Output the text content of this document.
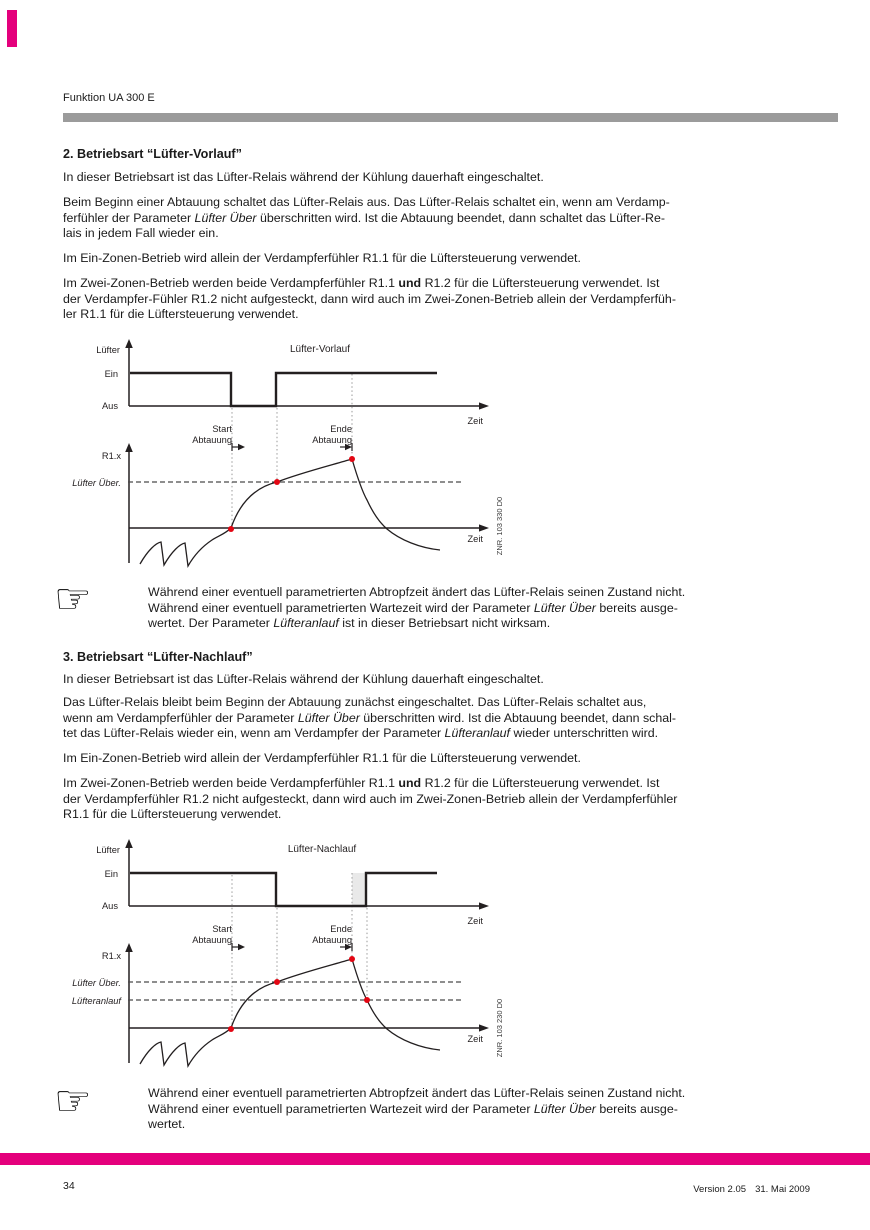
Funktion UA 300 E
2. Betriebsart “Lüfter-Vorlauf”
In dieser Betriebsart ist das Lüfter-Relais während der Kühlung dauerhaft eingeschaltet.
Beim Beginn einer Abtauung schaltet das Lüfter-Relais aus. Das Lüfter-Relais schaltet ein, wenn am Verdamp-
ferfühler der Parameter Lüfter Über überschritten wird. Ist die Abtauung beendet, dann schaltet das Lüfter-Re-
lais in jedem Fall wieder ein.
Im Ein-Zonen-Betrieb wird allein der Verdampferfühler R1.1 für die Lüftersteuerung verwendet.
Im Zwei-Zonen-Betrieb werden beide Verdampferfühler R1.1 und R1.2 für die Lüftersteuerung verwendet. Ist
der Verdampfer-Fühler R1.2 nicht aufgesteckt, dann wird auch im Zwei-Zonen-Betrieb allein der Verdampferfüh-
ler R1.1 für die Lüftersteuerung verwendet.
Lüfter-Vorlauf
Lüfter
Ein
Aus
Zeit
Start
Abtauung
Ende
Abtauung
R1.x
Lüfter Über.
Zeit ZNR. 103 330 D0
☞	Während einer eventuell parametrierten Abtropfzeit ändert das Lüfter-Relais seinen Zustand nicht.
Während einer eventuell parametrierten Wartezeit wird der Parameter Lüfter Über bereits ausge-
wertet. Der Parameter Lüfteranlauf ist in dieser Betriebsart nicht wirksam.
3. Betriebsart “Lüfter-Nachlauf”
In dieser Betriebsart ist das Lüfter-Relais während der Kühlung dauerhaft eingeschaltet.
Das Lüfter-Relais bleibt beim Beginn der Abtauung zunächst eingeschaltet. Das Lüfter-Relais schaltet aus,
wenn am Verdampferfühler der Parameter Lüfter Über überschritten wird. Ist die Abtauung beendet, dann schal-
tet das Lüfter-Relais wieder ein, wenn am Verdampfer der Parameter Lüfteranlauf wieder unterschritten wird.
Im Ein-Zonen-Betrieb wird allein der Verdampferfühler R1.1 für die Lüftersteuerung verwendet.
Im Zwei-Zonen-Betrieb werden beide Verdampferfühler R1.1 und R1.2 für die Lüftersteuerung verwendet. Ist
der Verdampferfühler R1.2 nicht aufgesteckt, dann wird auch im Zwei-Zonen-Betrieb allein der Verdampferfühler
R1.1 für die Lüftersteuerung verwendet.
Lüfter-Nachlauf
Lüfter
Ein
Aus
Zeit
Start
Abtauung
Ende
Abtauung
R1.x
Lüfter Über.
Lüfteranlauf
Zeit ZNR. 103 230 D0
☞	Während einer eventuell parametrierten Abtropfzeit ändert das Lüfter-Relais seinen Zustand nicht.
Während einer eventuell parametrierten Wartezeit wird der Parameter Lüfter Über bereits ausge-
wertet.
34	Version 2.05 31. Mai 2009
